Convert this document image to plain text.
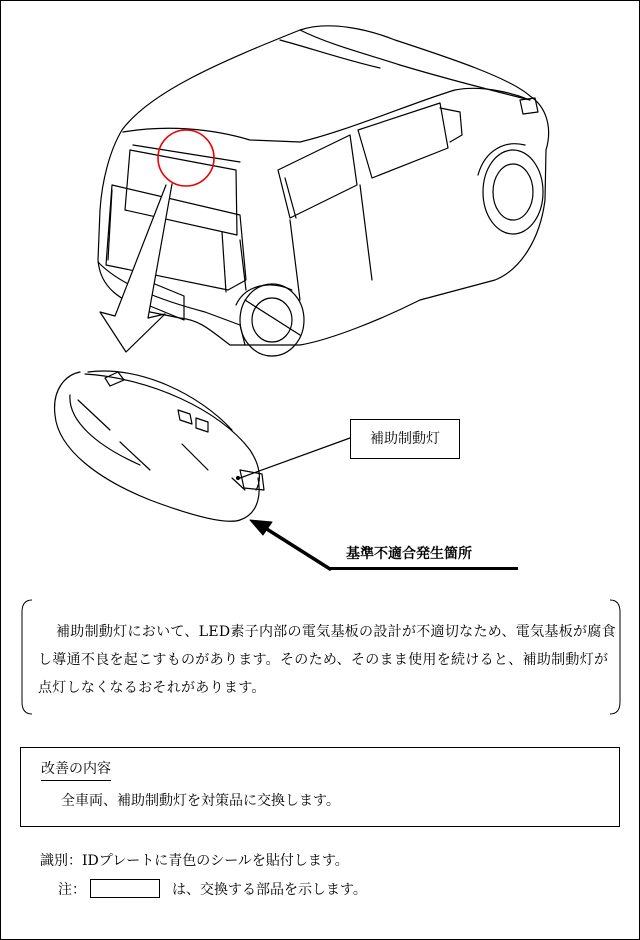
補助制動灯
基準不適合発生箇所
補助制動灯において、LED素子内部の電気基板の設計が不適切なため、電気基板が腐食し導通不良を起こすものがあります。そのため、そのまま使用を続けると、補助制動灯が点灯しなくなるおそれがあります。
改善の内容
全車両、補助制動灯を対策品に交換します。
識別：IDプレートに青色のシールを貼付します。
注：	は、交換する部品を示します。
